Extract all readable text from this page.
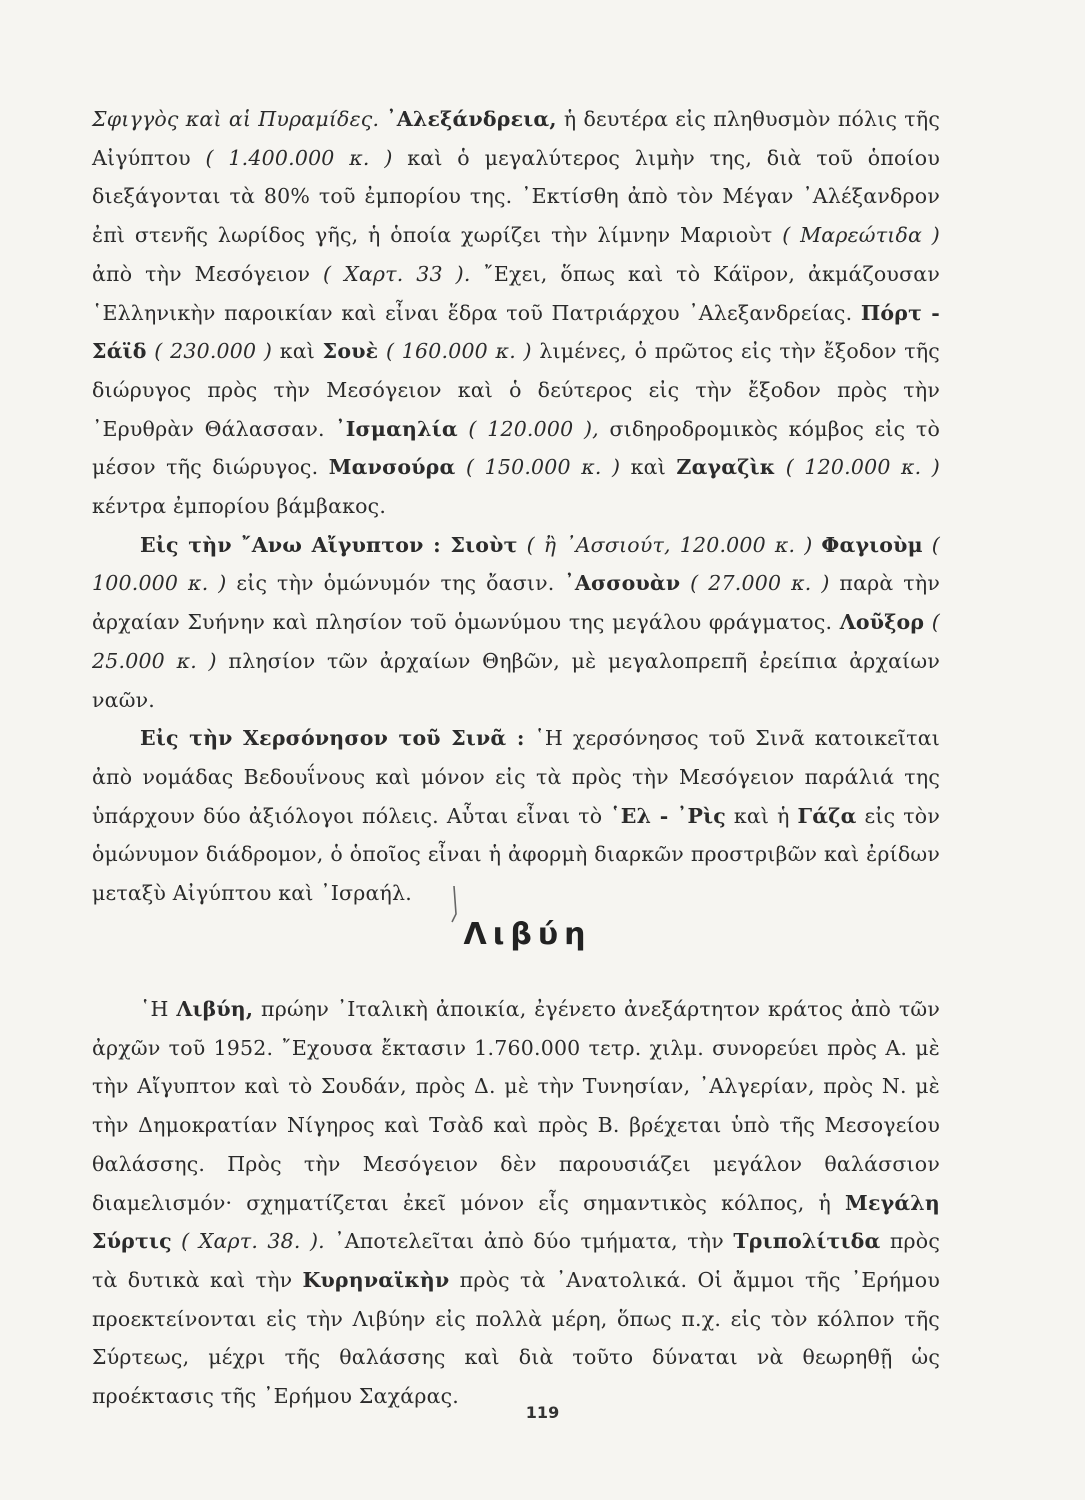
Σφιγγὸς καὶ αἱ Πυραμίδες. ᾿Αλεξάνδρεια, ἡ δευτέρα εἰς πληθυσμὸν πόλις τῆς Αἰγύπτου ( 1.400.000 κ. ) καὶ ὁ μεγαλύτερος λιμὴν της, διὰ τοῦ ὁποίου διεξάγονται τὰ 80% τοῦ ἐμπορίου της. ᾿Εκτίσθη ἀπὸ τὸν Μέγαν ᾿Αλέξανδρον ἐπὶ στενῆς λωρίδος γῆς, ἡ ὁποία χωρίζει τὴν λίμνην Μαριοὺτ ( Μαρεώτιδα ) ἀπὸ τὴν Μεσόγειον ( Χαρτ. 33 ). ῎Εχει, ὅπως καὶ τὸ Κάϊρον, ἀκμάζουσαν ῾Ελληνικὴν παροικίαν καὶ εἶναι ἕδρα τοῦ Πατριάρχου ᾿Αλεξανδρείας. Πόρτ - Σάϊδ ( 230.000 ) καὶ Σουὲ ( 160.000 κ. ) λιμένες, ὁ πρῶτος εἰς τὴν ἔξοδον τῆς διώρυγος πρὸς τὴν Μεσόγειον καὶ ὁ δεύτερος εἰς τὴν ἔξοδον πρὸς τὴν ᾿Ερυθρὰν Θάλασσαν. ᾿Ισμαηλία ( 120.000 ), σιδηροδρομικὸς κόμβος εἰς τὸ μέσον τῆς διώρυγος. Μανσούρα ( 150.000 κ. ) καὶ Ζαγαζὶκ ( 120.000 κ. ) κέντρα ἐμπορίου βάμβακος.

Εἰς τὴν ῎Ανω Αἴγυπτον : Σιοὺτ ( ἢ ᾿Ασσιούτ, 120.000 κ. ) Φαγιοὺμ ( 100.000 κ. ) εἰς τὴν ὁμώνυμόν της ὄασιν. ᾿Ασσουὰν ( 27.000 κ. ) παρὰ τὴν ἀρχαίαν Συήνην καὶ πλησίον τοῦ ὁμωνύμου της μεγάλου φράγματος. Λοῦξορ ( 25.000 κ. ) πλησίον τῶν ἀρχαίων Θηβῶν, μὲ μεγαλοπρεπῆ ἐρείπια ἀρχαίων ναῶν.

Εἰς τὴν Χερσόνησον τοῦ Σινᾶ : ῾Η χερσόνησος τοῦ Σινᾶ κατοικεῖται ἀπὸ νομάδας Βεδουΐνους καὶ μόνον εἰς τὰ πρὸς τὴν Μεσόγειον παράλιά της ὑπάρχουν δύο ἀξιόλογοι πόλεις. Αὗται εἶναι τὸ ῾Ελ - ᾿Ρὶς καὶ ἡ Γάζα εἰς τὸν ὁμώνυμον διάδρομον, ὁ ὁποῖος εἶναι ἡ ἀφορμὴ διαρκῶν προστριβῶν καὶ ἐρίδων μεταξὺ Αἰγύπτου καὶ ᾿Ισραήλ.

Λιβύη

῾Η Λιβύη, πρώην ᾿Ιταλικὴ ἀποικία, ἐγένετο ἀνεξάρτητον κράτος ἀπὸ τῶν ἀρχῶν τοῦ 1952. ῎Εχουσα ἔκτασιν 1.760.000 τετρ. χιλμ. συνορεύει πρὸς Α. μὲ τὴν Αἴγυπτον καὶ τὸ Σουδάν, πρὸς Δ. μὲ τὴν Τυνησίαν, ᾿Αλγερίαν, πρὸς Ν. μὲ τὴν Δημοκρατίαν Νίγηρος καὶ Τσὰδ καὶ πρὸς Β. βρέχεται ὑπὸ τῆς Μεσογείου θαλάσσης. Πρὸς τὴν Μεσόγειον δὲν παρουσιάζει μεγάλον θαλάσσιον διαμελισμόν· σχηματίζεται ἐκεῖ μόνον εἷς σημαντικὸς κόλπος, ἡ Μεγάλη Σύρτις ( Χαρτ. 38. ). ᾿Αποτελεῖται ἀπὸ δύο τμήματα, τὴν Τριπολίτιδα πρὸς τὰ δυτικὰ καὶ τὴν Κυρηναϊκὴν πρὸς τὰ ᾿Ανατολικά. Οἱ ἄμμοι τῆς ᾿Ερήμου προεκτείνονται εἰς τὴν Λιβύην εἰς πολλὰ μέρη, ὅπως π.χ. εἰς τὸν κόλπον τῆς Σύρτεως, μέχρι τῆς θαλάσσης καὶ διὰ τοῦτο δύναται νὰ θεωρηθῇ ὡς προέκτασις τῆς ᾿Ερήμου Σαχάρας.

119
